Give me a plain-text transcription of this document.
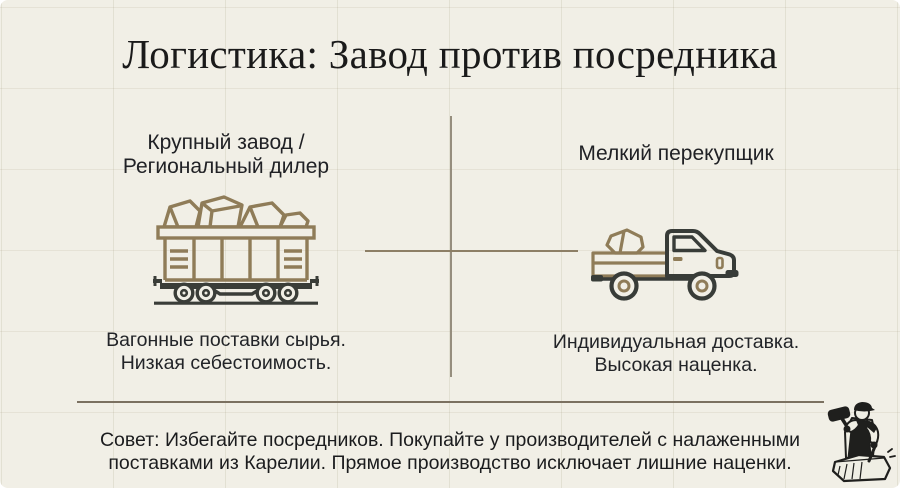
Логистика: Завод против посредника
Крупный завод /
Региональный дилер
Вагонные поставки сырья.
Низкая себестоимость.
Мелкий перекупщик
Индивидуальная доставка.
Высокая наценка.
Совет: Избегайте посредников. Покупайте у производителей с налаженными
поставками из Карелии. Прямое производство исключает лишние наценки.
